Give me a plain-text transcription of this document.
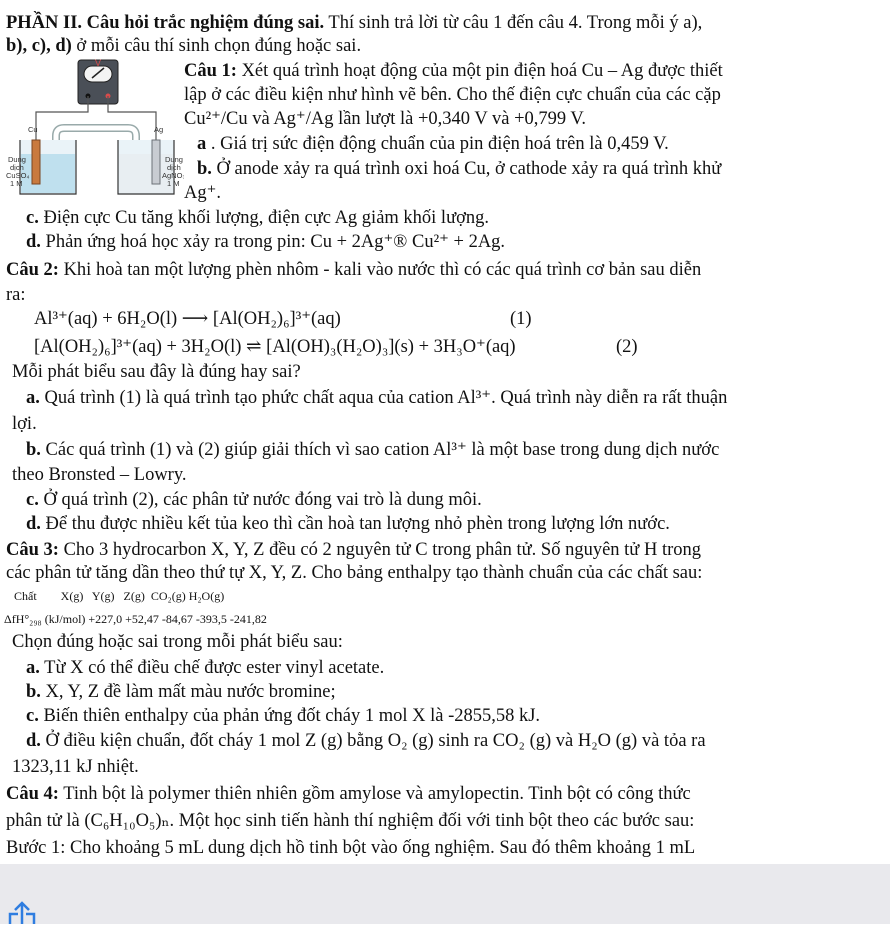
PHẦN II. Câu hỏi trắc nghiệm đúng sai. Thí sinh trả lời từ câu 1 đến câu 4. Trong mỗi ý a),
b), c), d) ở mỗi câu thí sinh chọn đúng hoặc sai.
V
Cu	Ag
Dung
dịch
CuSO₄
1 M
Dung
dịch
AgNO₃
1 M
Câu 1: Xét quá trình hoạt động của một pin điện hoá Cu – Ag được thiết
lập ở các điều kiện như hình vẽ bên. Cho thế điện cực chuẩn của các cặp
Cu²⁺/Cu và Ag⁺/Ag lần lượt là +0,340 V và +0,799 V.
a . Giá trị sức điện động chuẩn của pin điện hoá trên là 0,459 V.
b. Ở anode xảy ra quá trình oxi hoá Cu, ở cathode xảy ra quá trình khử
Ag⁺.
c. Điện cực Cu tăng khối lượng, điện cực Ag giảm khối lượng.
d. Phản ứng hoá học xảy ra trong pin: Cu + 2Ag⁺® Cu²⁺ + 2Ag.
Câu 2: Khi hoà tan một lượng phèn nhôm - kali vào nước thì có các quá trình cơ bản sau diễn
ra:
Al³⁺(aq) + 6H₂O(l) ⟶ [Al(OH₂)₆]³⁺(aq)	(1)
[Al(OH₂)₆]³⁺(aq) + 3H₂O(l) ⇌ [Al(OH)₃(H₂O)₃](s) + 3H₃O⁺(aq)	(2)
Mỗi phát biểu sau đây là đúng hay sai?
a. Quá trình (1) là quá trình tạo phức chất aqua của cation Al³⁺. Quá trình này diễn ra rất thuận
lợi.
b. Các quá trình (1) và (2) giúp giải thích vì sao cation Al³⁺ là một base trong dung dịch nước
theo Bronsted – Lowry.
c. Ở quá trình (2), các phân tử nước đóng vai trò là dung môi.
d. Để thu được nhiều kết tủa keo thì cần hoà tan lượng nhỏ phèn trong lượng lớn nước.
Câu 3: Cho 3 hydrocarbon X, Y, Z đều có 2 nguyên tử C trong phân tử. Số nguyên tử H trong
các phân tử tăng dần theo thứ tự X, Y, Z. Cho bảng enthalpy tạo thành chuẩn của các chất sau:
Chất        X(g)   Y(g)   Z(g)  CO₂(g) H₂O(g)
ΔfH°₂₉₈ (kJ/mol) +227,0 +52,47 -84,67 -393,5 -241,82
Chọn đúng hoặc sai trong mỗi phát biểu sau:
a. Từ X có thể điều chế được ester vinyl acetate.
b. X, Y, Z đề làm mất màu nước bromine;
c. Biến thiên enthalpy của phản ứng đốt cháy 1 mol X là -2855,58 kJ.
d. Ở điều kiện chuẩn, đốt cháy 1 mol Z (g) bằng O₂ (g) sinh ra CO₂ (g) và H₂O (g) và tỏa ra
1323,11 kJ nhiệt.
Câu 4: Tinh bột là polymer thiên nhiên gồm amylose và amylopectin. Tinh bột có công thức
phân tử là (C₆H₁₀O₅)ₙ. Một học sinh tiến hành thí nghiệm đối với tinh bột theo các bước sau:
Bước 1: Cho khoảng 5 mL dung dịch hồ tinh bột vào ống nghiệm. Sau đó thêm khoảng 1 mL
